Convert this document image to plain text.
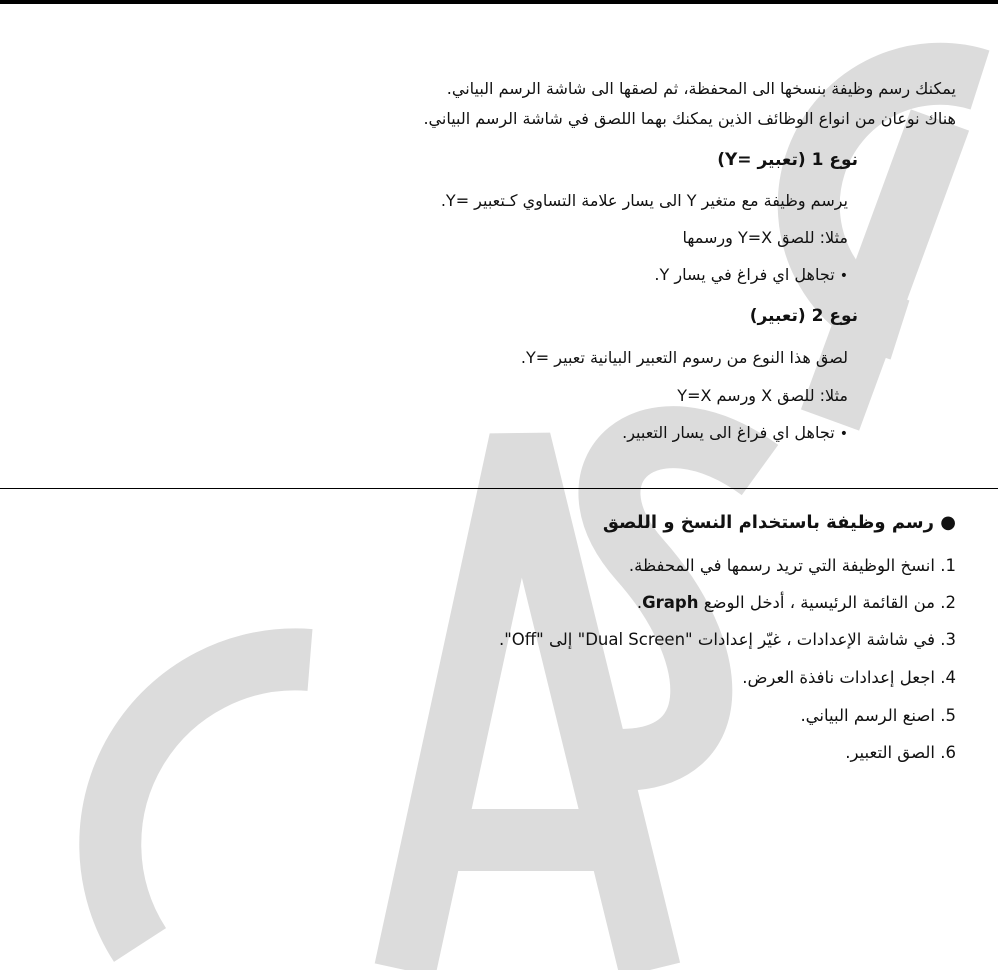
يمكنك رسم وظيفة بنسخها الى المحفظة، ثم لصقها الى شاشة الرسم البياني.
هناك نوعان من انواع الوظائف الذين يمكنك بهما اللصق في شاشة الرسم البياني.
نوع 1 (تعبير =Y)
يرسم وظيفة مع متغير Y الى يسار علامة التساوي كـتعبير =Y.
مثلا: للصق Y=X ورسمها
• تجاهل اي فراغ في يسار Y.
نوع 2 (تعبير)
لصق هذا النوع من رسوم التعبير البيانية تعبير =Y.
مثلا: للصق X ورسم Y=X
• تجاهل اي فراغ الى يسار التعبير.
● رسم وظيفة باستخدام النسخ و اللصق
1. انسخ الوظيفة التي تريد رسمها في المحفظة.
2. من القائمة الرئيسية ، أدخل الوضع Graph.
3. في شاشة الإعدادات ، غيّر إعدادات "Dual Screen" إلى "Off".
4. اجعل إعدادات نافذة العرض.
5. اصنع الرسم البياني.
6. الصق التعبير.
